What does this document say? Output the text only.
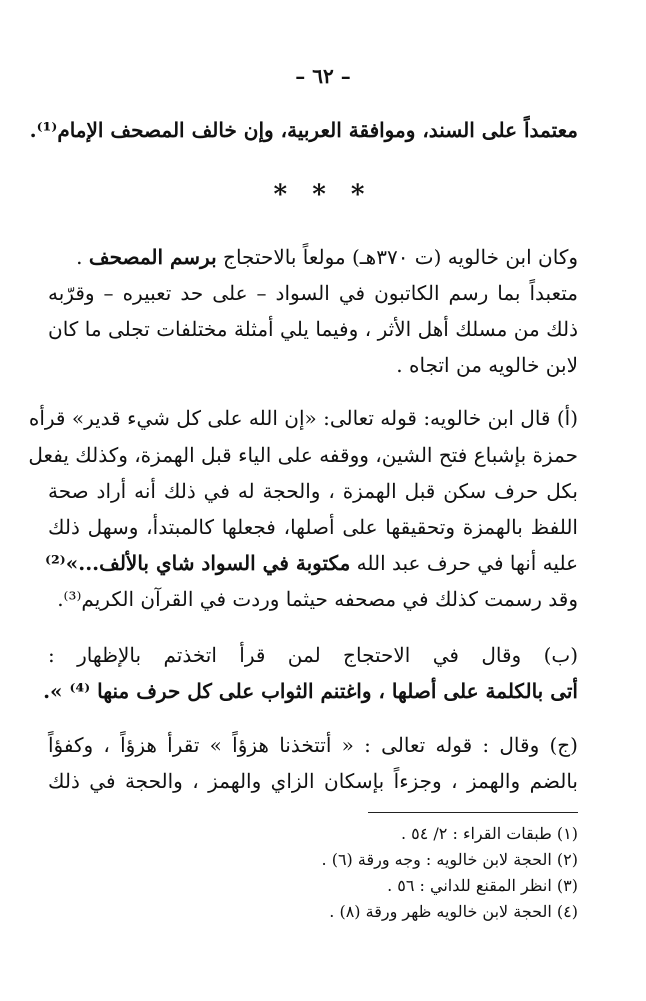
– ٦٢ –
معتمداً على السند، وموافقة العربية، وإن خالف المصحف الإمام⁽¹⁾.
* * *
وكان ابن خالويه (ت ٣٧٠هـ) مولعاً بالاحتجاج برسم المصحف .
متعبداً بما رسم الكاتبون في السواد – على حد تعبيره – وقرّبه
ذلك من مسلك أهل الأثر ، وفيما يلي أمثلة مختلفات تجلى ما كان
لابن خالويه من اتجاه .
(أ) قال ابن خالويه: قوله تعالى: «إن الله على كل شيء قدير» قرأه
حمزة بإشباع فتح الشين، ووقفه على الياء قبل الهمزة، وكذلك يفعل
بكل حرف سكن قبل الهمزة ، والحجة له في ذلك أنه أراد صحة
اللفظ بالهمزة وتحقيقها على أصلها، فجعلها كالمبتدأ، وسهل ذلك
عليه أنها في حرف عبد الله مكتوبة في السواد شاي بالألف...»⁽²⁾
وقد رسمت كذلك في مصحفه حيثما وردت في القرآن الكريم⁽³⁾.
(ب) وقال في الاحتجاج لمن قرأ اتخذتم بالإظهار :
أتى بالكلمة على أصلها ، واغتنم الثواب على كل حرف منها ⁽⁴⁾ ».
(ج) وقال : قوله تعالى : « أتتخذنا هزؤاً » تقرأ هزؤاً ، وكفؤاً
بالضم والهمز ، وجزءاً بإسكان الزاي والهمز ، والحجة في ذلك
(١) طبقات القراء : ٢/ ٥٤ .
(٢) الحجة لابن خالويه : وجه ورقة (٦) .
(٣) انظر المقنع للداني : ٥٦ .
(٤) الحجة لابن خالويه ظهر ورقة (٨) .
